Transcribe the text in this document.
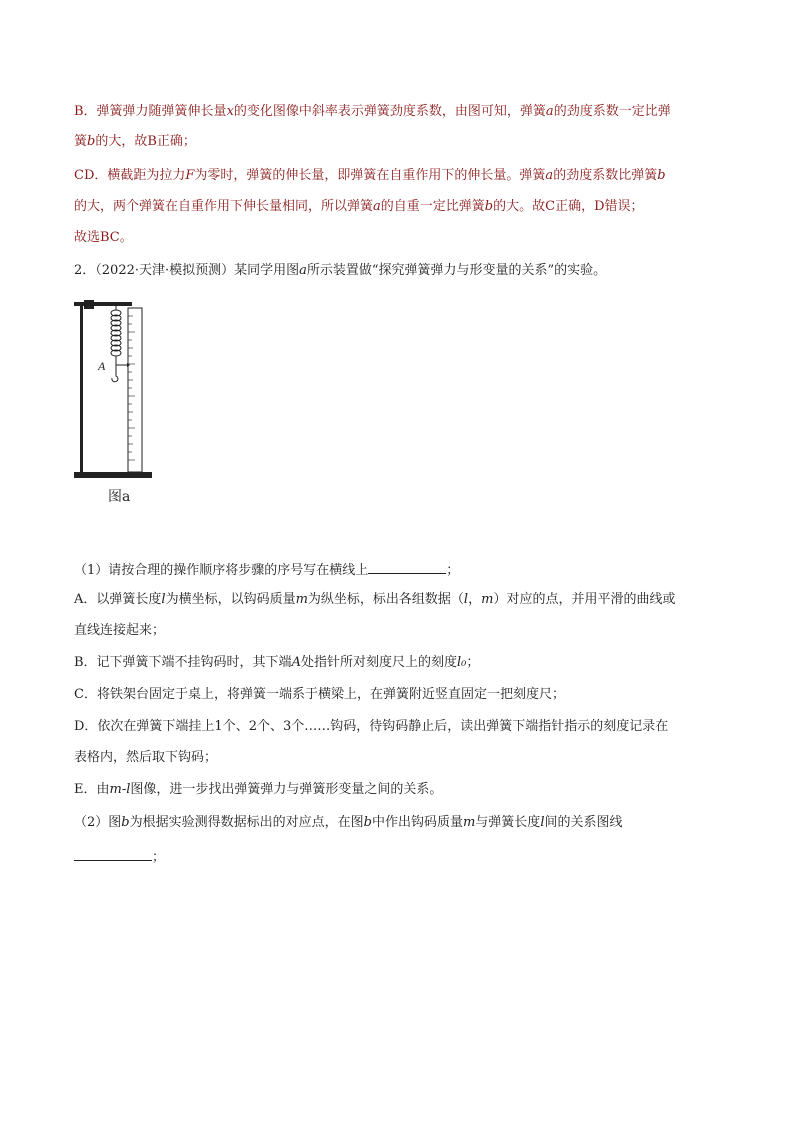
B．弹簧弹力随弹簧伸长量x的变化图像中斜率表示弹簧劲度系数，由图可知，弹簧a的劲度系数一定比弹
簧b的大，故B正确；
CD．横截距为拉力F为零时，弹簧的伸长量，即弹簧在自重作用下的伸长量。弹簧a的劲度系数比弹簧b
的大，两个弹簧在自重作用下伸长量相同，所以弹簧a的自重一定比弹簧b的大。故C正确，D错误；
故选BC。
2．（2022·天津·模拟预测）某同学用图a所示装置做“探究弹簧弹力与形变量的关系”的实验。
A
图a
（1）请按合理的操作顺序将步骤的序号写在横线上	；
A．以弹簧长度l为横坐标，以钩码质量m为纵坐标，标出各组数据（l，m）对应的点，并用平滑的曲线或
直线连接起来；
B．记下弹簧下端不挂钩码时，其下端A处指针所对刻度尺上的刻度l₀；
C．将铁架台固定于桌上，将弹簧一端系于横梁上，在弹簧附近竖直固定一把刻度尺；
D．依次在弹簧下端挂上1个、2个、3个……钩码，待钩码静止后，读出弹簧下端指针指示的刻度记录在
表格内，然后取下钩码；
E．由m-l图像，进一步找出弹簧弹力与弹簧形变量之间的关系。
（2）图b为根据实验测得数据标出的对应点，在图b中作出钩码质量m与弹簧长度l间的关系图线
；
